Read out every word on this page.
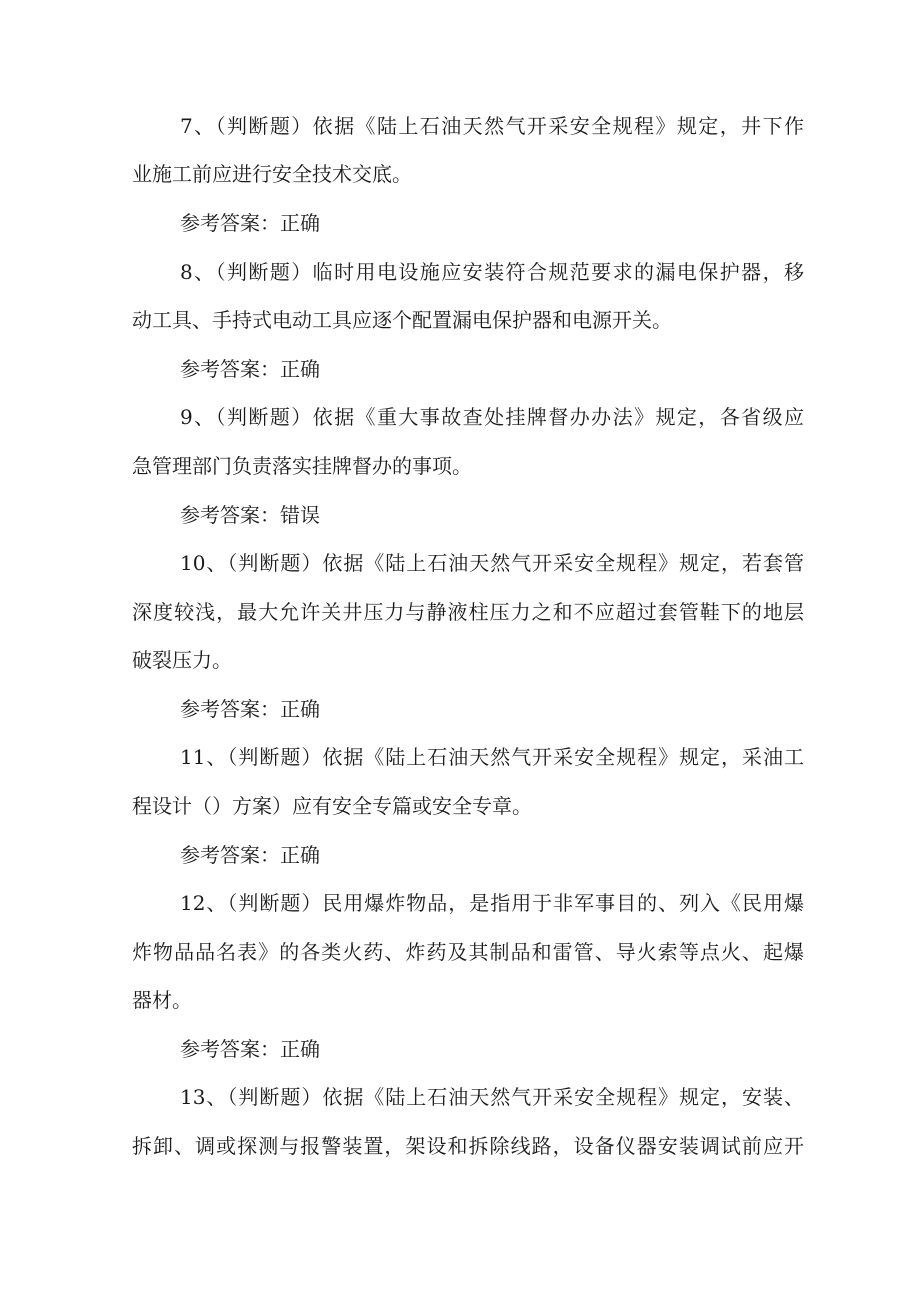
7、（判断题）依据《陆上石油天然气开采安全规程》规定，井下作
业施工前应进行安全技术交底。
参考答案：正确
8、（判断题）临时用电设施应安装符合规范要求的漏电保护器，移
动工具、手持式电动工具应逐个配置漏电保护器和电源开关。
参考答案：正确
9、（判断题）依据《重大事故查处挂牌督办办法》规定，各省级应
急管理部门负责落实挂牌督办的事项。
参考答案：错误
10、（判断题）依据《陆上石油天然气开采安全规程》规定，若套管
深度较浅，最大允许关井压力与静液柱压力之和不应超过套管鞋下的地层
破裂压力。
参考答案：正确
11、（判断题）依据《陆上石油天然气开采安全规程》规定，采油工
程设计（）方案）应有安全专篇或安全专章。
参考答案：正确
12、（判断题）民用爆炸物品，是指用于非军事目的、列入《民用爆
炸物品品名表》的各类火药、炸药及其制品和雷管、导火索等点火、起爆
器材。
参考答案：正确
13、（判断题）依据《陆上石油天然气开采安全规程》规定，安装、
拆卸、调或探测与报警装置，架设和拆除线路，设备仪器安装调试前应开
